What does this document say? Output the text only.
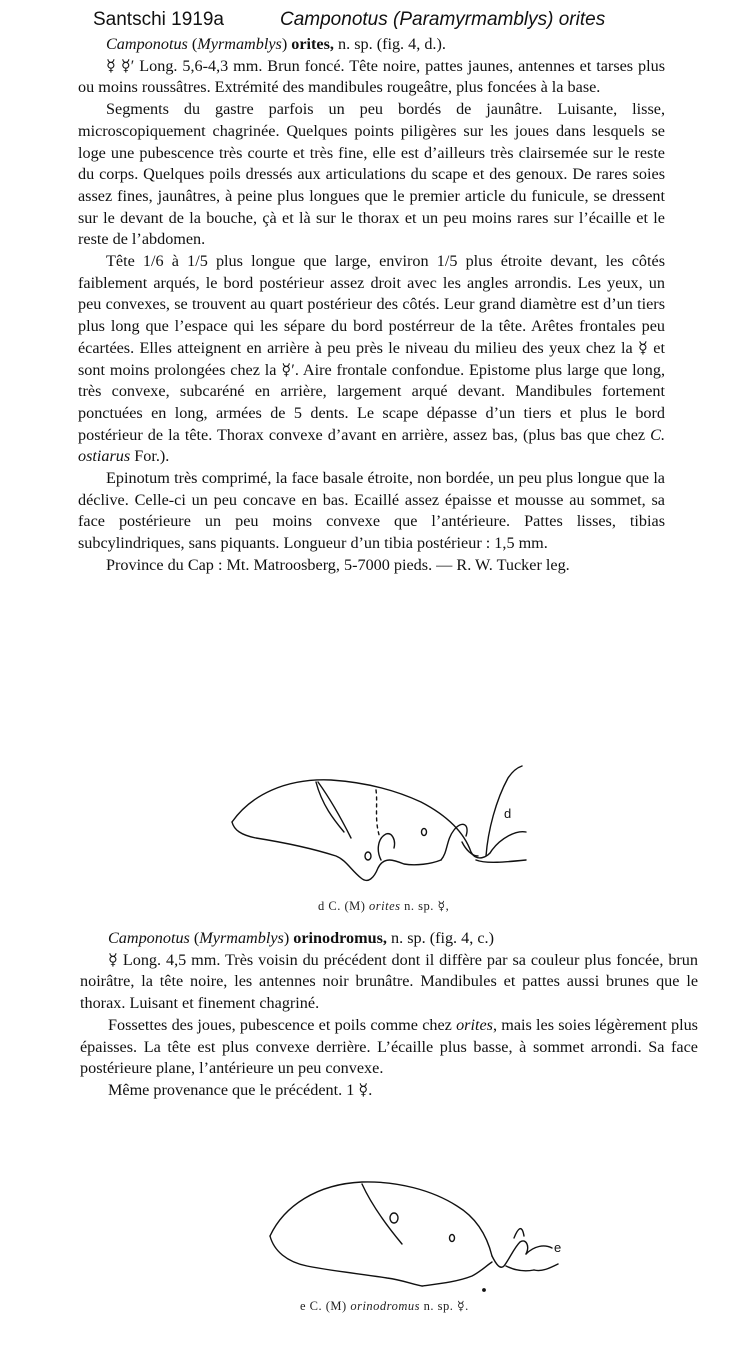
Santschi 1919a	Camponotus (Paramyrmamblys) orites

Camponotus (Myrmamblys) orites, n. sp. (fig. 4, d.).

☿ ☿′ Long. 5,6-4,3 mm. Brun foncé. Tête noire, pattes jaunes, antennes et tarses plus ou moins roussâtres. Extrémité des mandibules rougeâtre, plus foncées à la base.

Segments du gastre parfois un peu bordés de jaunâtre. Luisante, lisse, microscopiquement chagrinée. Quelques points piligères sur les joues dans lesquels se loge une pubescence très courte et très fine, elle est d’ailleurs très clairsemée sur le reste du corps. Quelques poils dressés aux articulations du scape et des genoux. De rares soies assez fines, jaunâtres, à peine plus longues que le premier article du funicule, se dressent sur le devant de la bouche, çà et là sur le thorax et un peu moins rares sur l’écaille et le reste de l’abdomen.

Tête 1/6 à 1/5 plus longue que large, environ 1/5 plus étroite devant, les côtés faiblement arqués, le bord postérieur assez droit avec les angles arrondis. Les yeux, un peu convexes, se trouvent au quart postérieur des côtés. Leur grand diamètre est d’un tiers plus long que l’espace qui les sépare du bord postérreur de la tête. Arêtes frontales peu écartées. Elles atteignent en arrière à peu près le niveau du milieu des yeux chez la ☿ et sont moins prolongées chez la ☿′. Aire frontale confondue. Epistome plus large que long, très convexe, subcaréné en arrière, largement arqué devant. Mandibules fortement ponctuées en long, armées de 5 dents. Le scape dépasse d’un tiers et plus le bord postérieur de la tête. Thorax convexe d’avant en arrière, assez bas, (plus bas que chez C. ostiarus For.).

Epinotum très comprimé, la face basale étroite, non bordée, un peu plus longue que la déclive. Celle-ci un peu concave en bas. Ecaillé assez épaisse et mousse au sommet, sa face postérieure un peu moins convexe que l’antérieure. Pattes lisses, tibias subcylindriques, sans piquants. Longueur d’un tibia postérieur : 1,5 mm.

Province du Cap : Mt. Matroosberg, 5-7000 pieds. — R. W. Tucker leg.

d
d C. (M) orites n. sp. ☿,

Camponotus (Myrmamblys) orinodromus, n. sp. (fig. 4, c.)

☿ Long. 4,5 mm. Très voisin du précédent dont il diffère par sa couleur plus foncée, brun noirâtre, la tête noire, les antennes noir brunâtre. Mandibules et pattes aussi brunes que le thorax. Luisant et finement chagriné.

Fossettes des joues, pubescence et poils comme chez orites, mais les soies légèrement plus épaisses. La tête est plus convexe derrière. L’écaille plus basse, à sommet arrondi. Sa face postérieure plane, l’antérieure un peu convexe.

Même provenance que le précédent. 1 ☿.

e
e C. (M) orinodromus n. sp. ☿.
